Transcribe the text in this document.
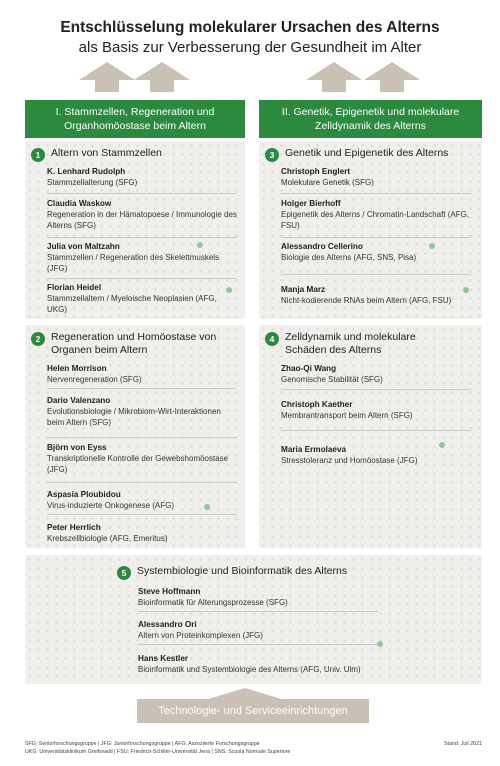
Entschlüsselung molekularer Ursachen des Alterns
als Basis zur Verbesserung der Gesundheit im Alter
I. Stammzellen, Regeneration und Organhomöostase beim Altern
II. Genetik, Epigenetik und molekulare Zelldynamik des Alterns
1	Altern von Stammzellen
K. Lenhard Rudolph
Stammzellalterung (SFG)
Claudia Waskow
Regeneration in der Hämatopoese / Immunologie des Alterns (SFG)
Julia von Maltzahn
Stammzellen / Regeneration des Skelettmuskels (JFG)
Florian Heidel
Stammzellaltern / Myeloische Neoplasien (AFG, UKG)
2	Regeneration und Homöostase von Organen beim Altern
Helen Morrison
Nervenregeneration (SFG)
Dario Valenzano
Evolutionsbiologie / Mikrobiom-Wirt-Interaktionen beim Altern (SFG)
Björn von Eyss
Transkriptionelle Kontrolle der Gewebshomöostase (JFG)
Aspasia Ploubidou
Virus-induzierte Onkogenese (AFG)
Peter Herrlich
Krebszellbiologie (AFG, Emeritus)
3	Genetik und Epigenetik des Alterns
Christoph Englert
Molekulare Genetik (SFG)
Holger Bierhoff
Epigenetik des Alterns / Chromatin-Landschaft (AFG, FSU)
Alessandro Cellerino
Biologie des Alterns (AFG, SNS, Pisa)
Manja Marz
Nicht-kodierende RNAs beim Altern (AFG, FSU)
4	Zelldynamik und molekulare Schäden des Alterns
Zhao-Qi Wang
Genomische Stabilität (SFG)
Christoph Kaether
Membrantransport beim Altern (SFG)
Maria Ermolaeva
Stresstoleranz und Homöostase (JFG)
5	Systembiologie und Bioinformatik des Alterns
Steve Hoffmann
Bioinformatik für Alterungsprozesse (SFG)
Alessandro Ori
Altern von Proteinkomplexen (JFG)
Hans Kestler
Bioinformatik und Systembiologie des Alterns (AFG, Univ. Ulm)
Technologie- und Serviceeinrichtungen
SFG: Seniorforschungsgruppe | JFG: Juniorforschungsgruppe | AFG: Assoziierte Forschungsgruppe
UKG: Universitätsklinikum Greifswald | FSU: Friedrich-Schiller-Universität Jena | SNS: Scuola Normale Superiore
Stand: Juli 2021
